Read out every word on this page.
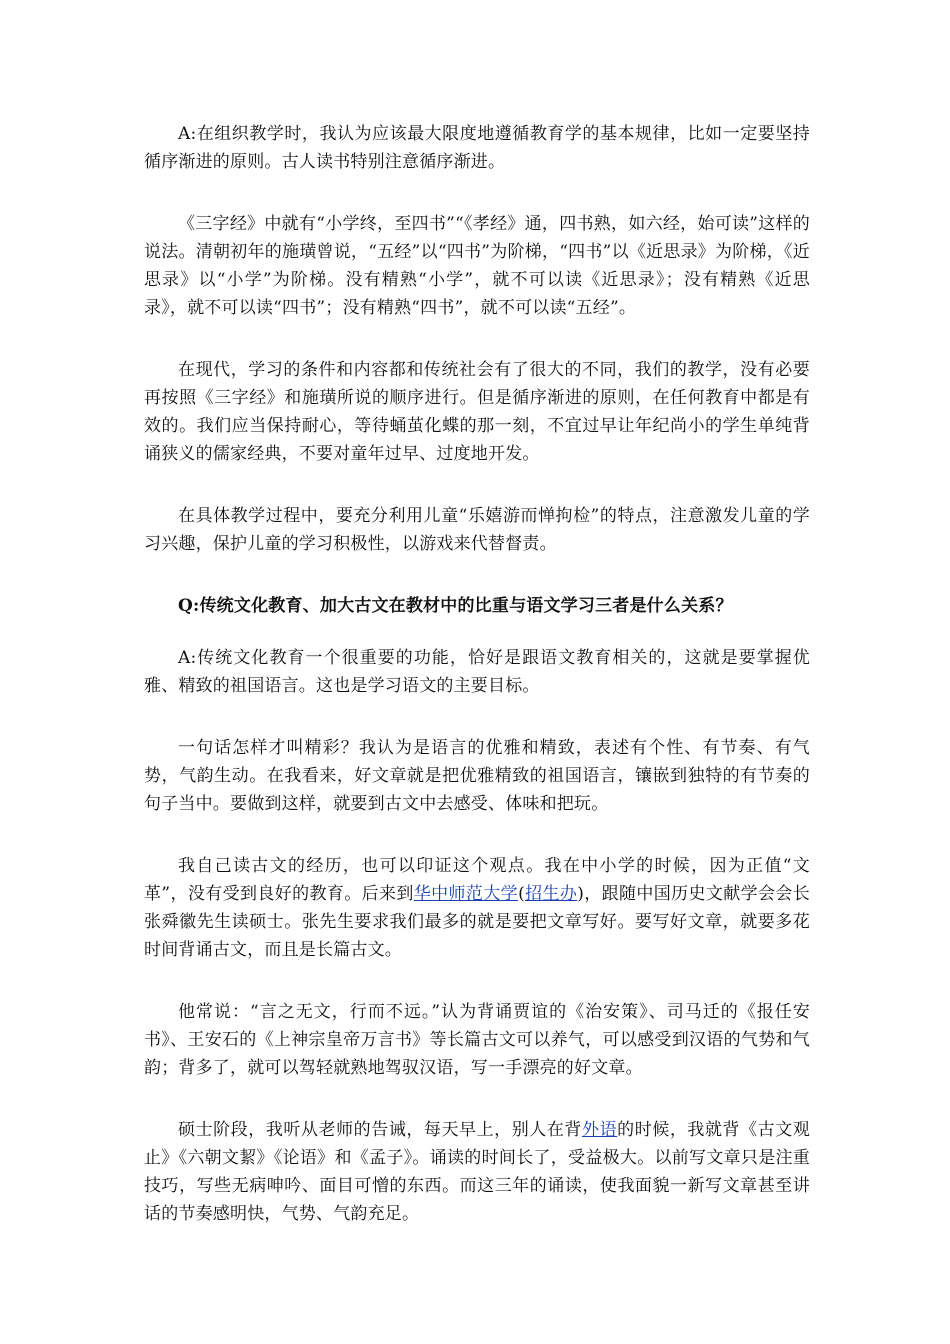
A:在组织教学时，我认为应该最大限度地遵循教育学的基本规律，比如一定要坚持循序渐进的原则。古人读书特别注意循序渐进。

《三字经》中就有“小学终，至四书”“《孝经》通，四书熟，如六经，始可读”这样的说法。清朝初年的施璜曾说，“五经”以“四书”为阶梯，“四书”以《近思录》为阶梯，《近思录》以“小学”为阶梯。没有精熟“小学”，就不可以读《近思录》；没有精熟《近思录》，就不可以读“四书”；没有精熟“四书”，就不可以读“五经”。

在现代，学习的条件和内容都和传统社会有了很大的不同，我们的教学，没有必要再按照《三字经》和施璜所说的顺序进行。但是循序渐进的原则，在任何教育中都是有效的。我们应当保持耐心，等待蛹茧化蝶的那一刻，不宜过早让年纪尚小的学生单纯背诵狭义的儒家经典，不要对童年过早、过度地开发。

在具体教学过程中，要充分利用儿童“乐嬉游而惮拘检”的特点，注意激发儿童的学习兴趣，保护儿童的学习积极性，以游戏来代替督责。

Q:传统文化教育、加大古文在教材中的比重与语文学习三者是什么关系？

A:传统文化教育一个很重要的功能，恰好是跟语文教育相关的，这就是要掌握优雅、精致的祖国语言。这也是学习语文的主要目标。

一句话怎样才叫精彩？我认为是语言的优雅和精致，表述有个性、有节奏、有气势，气韵生动。在我看来，好文章就是把优雅精致的祖国语言，镶嵌到独特的有节奏的句子当中。要做到这样，就要到古文中去感受、体味和把玩。

我自己读古文的经历，也可以印证这个观点。我在中小学的时候，因为正值“文革”，没有受到良好的教育。后来到华中师范大学(招生办)，跟随中国历史文献学会会长张舜徽先生读硕士。张先生要求我们最多的就是要把文章写好。要写好文章，就要多花时间背诵古文，而且是长篇古文。

他常说：“言之无文，行而不远。”认为背诵贾谊的《治安策》、司马迁的《报任安书》、王安石的《上神宗皇帝万言书》等长篇古文可以养气，可以感受到汉语的气势和气韵；背多了，就可以驾轻就熟地驾驭汉语，写一手漂亮的好文章。

硕士阶段，我听从老师的告诫，每天早上，别人在背外语的时候，我就背《古文观止》《六朝文絜》《论语》和《孟子》。诵读的时间长了，受益极大。以前写文章只是注重技巧，写些无病呻吟、面目可憎的东西。而这三年的诵读，使我面貌一新写文章甚至讲话的节奏感明快，气势、气韵充足。
